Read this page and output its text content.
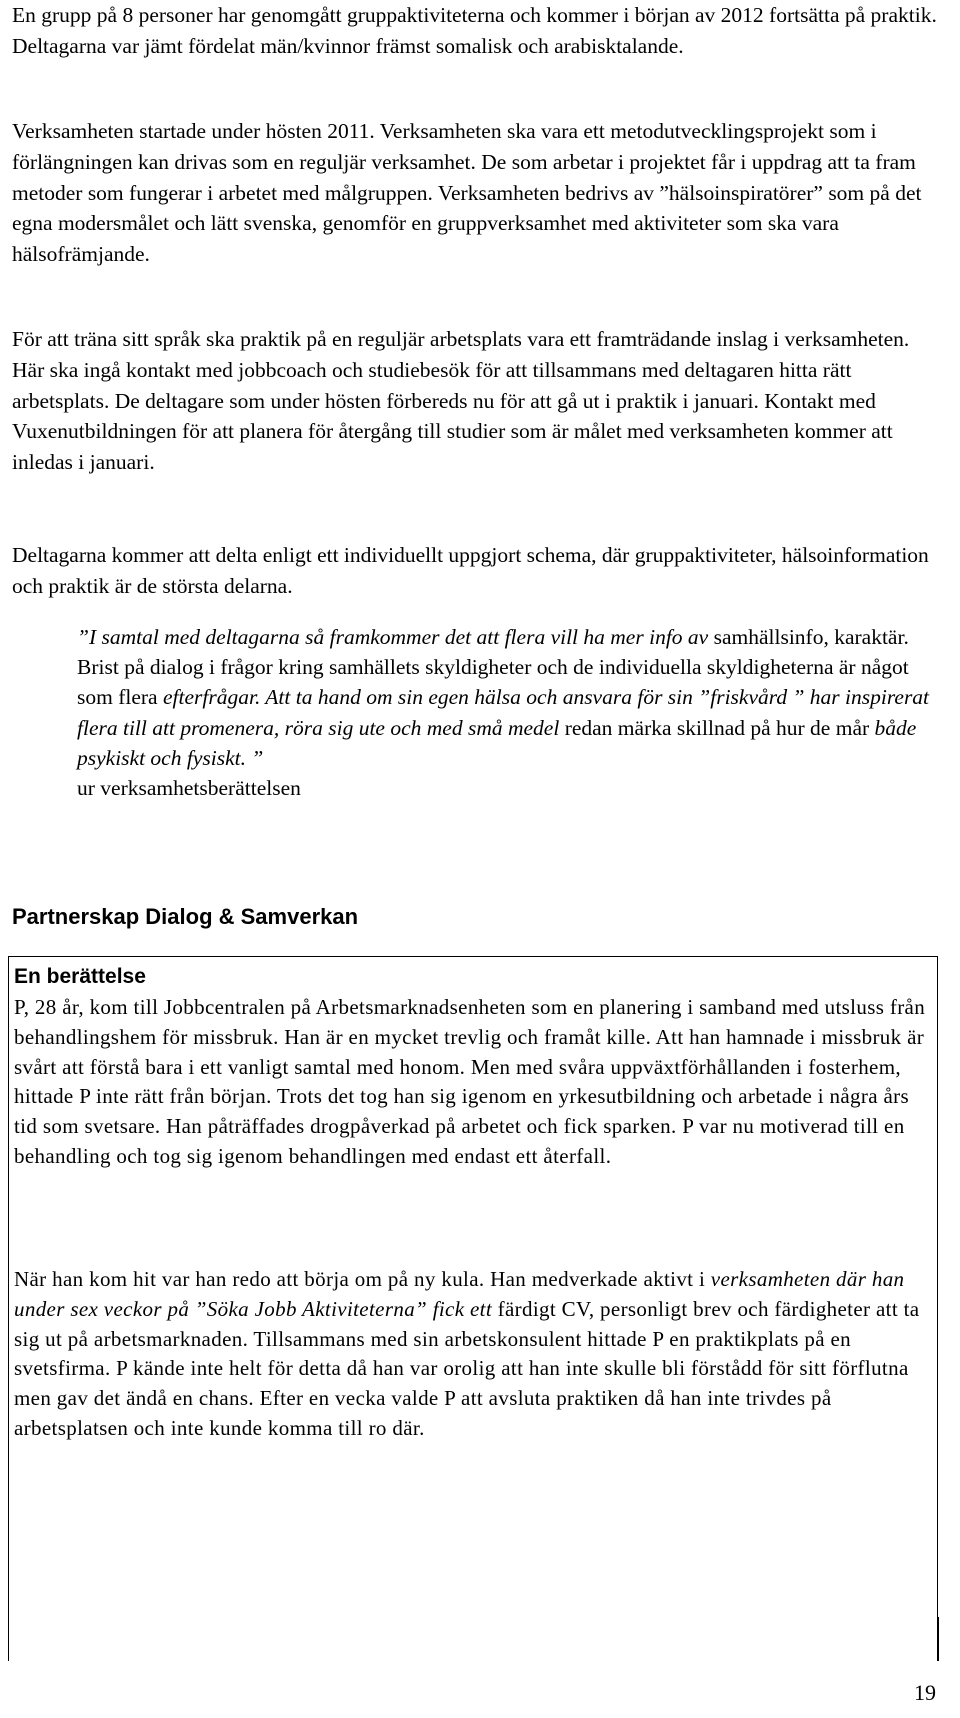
En grupp på 8 personer har genomgått gruppaktiviteterna och kommer i början av 2012 fortsätta på praktik. Deltagarna var jämt fördelat män/kvinnor främst somalisk och arabisktalande.

Verksamheten startade under hösten 2011. Verksamheten ska vara ett metodutvecklingsprojekt som i förlängningen kan drivas som en reguljär verksamhet. De som arbetar i projektet får i uppdrag att ta fram metoder som fungerar i arbetet med målgruppen. Verksamheten bedrivs av ”hälsoinspiratörer” som på det egna modersmålet och lätt svenska, genomför en gruppverksamhet med aktiviteter som ska vara hälsofrämjande.

För att träna sitt språk ska praktik på en reguljär arbetsplats vara ett framträdande inslag i verksamheten. Här ska ingå kontakt med jobbcoach och studiebesök för att tillsammans med deltagaren hitta rätt arbetsplats. De deltagare som under hösten förbereds nu för att gå ut i praktik i januari. Kontakt med Vuxenutbildningen för att planera för återgång till studier som är målet med verksamheten kommer att inledas i januari.

Deltagarna kommer att delta enligt ett individuellt uppgjort schema, där gruppaktiviteter, hälsoinformation och praktik är de största delarna.

”I samtal med deltagarna så framkommer det att flera vill ha mer info av samhällsinfo, karaktär. Brist på dialog i frågor kring samhällets skyldigheter och de individuella skyldigheterna är något som flera efterfrågar. Att ta hand om sin egen hälsa och ansvara för sin ”friskvård ” har inspirerat flera till att promenera, röra sig ute och med små medel redan märka skillnad på hur de mår både psykiskt och fysiskt. ”
ur verksamhetsberättelsen

Partnerskap Dialog & Samverkan
En berättelse

P, 28 år, kom till Jobbcentralen på Arbetsmarknadsenheten som en planering i samband med utsluss från behandlingshem för missbruk. Han är en mycket trevlig och framåt kille. Att han hamnade i missbruk är svårt att förstå bara i ett vanligt samtal med honom. Men med svåra uppväxtförhållanden i fosterhem, hittade P inte rätt från början. Trots det tog han sig igenom en yrkesutbildning och arbetade i några års tid som svetsare. Han påträffades drogpåverkad på arbetet och fick sparken. P var nu motiverad till en behandling och tog sig igenom behandlingen med endast ett återfall.

När han kom hit var han redo att börja om på ny kula. Han medverkade aktivt i verksamheten där han under sex veckor på ”Söka Jobb Aktiviteterna” fick ett färdigt CV, personligt brev och färdigheter att ta sig ut på arbetsmarknaden. Tillsammans med sin arbetskonsulent hittade P en praktikplats på en svetsfirma. P kände inte helt för detta då han var orolig att han inte skulle bli förstådd för sitt förflutna men gav det ändå en chans. Efter en vecka valde P att avsluta praktiken då han inte trivdes på arbetsplatsen och inte kunde komma till ro där.

19
